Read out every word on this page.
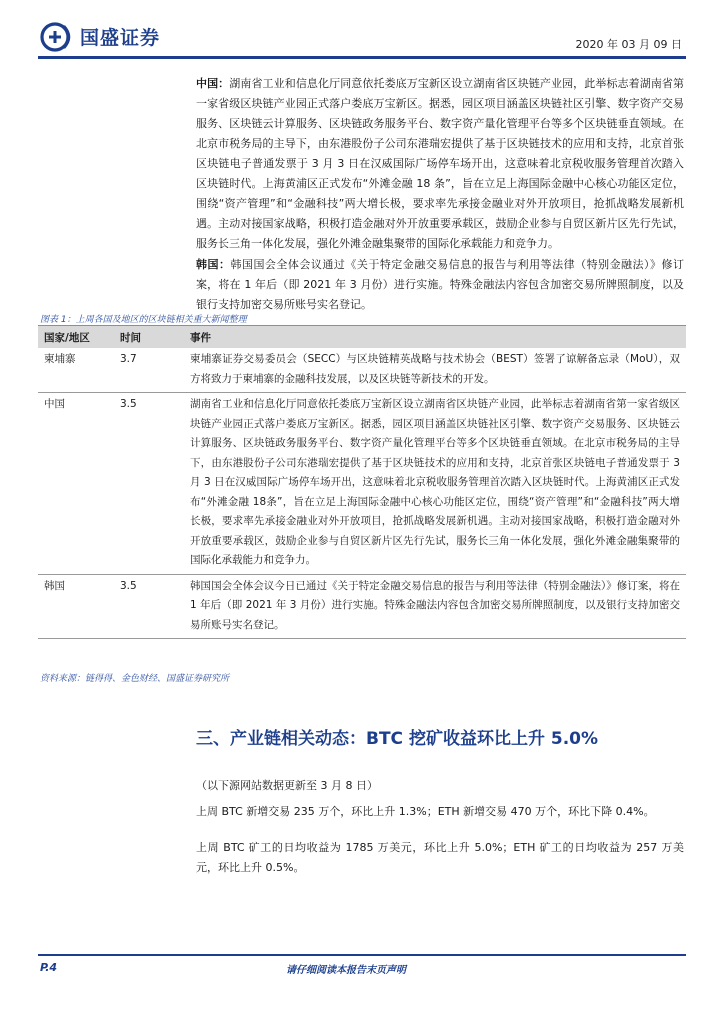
国盛证券	2020 年 03 月 09 日
中国：湖南省工业和信息化厅同意依托娄底万宝新区设立湖南省区块链产业园，此举标志着湖南省第一家省级区块链产业园正式落户娄底万宝新区。据悉，园区项目涵盖区块链社区引擎、数字资产交易服务、区块链云计算服务、区块链政务服务平台、数字资产量化管理平台等多个区块链垂直领域。在北京市税务局的主导下，由东港股份子公司东港瑞宏提供了基于区块链技术的应用和支持，北京首张区块链电子普通发票于 3 月 3 日在汉威国际广场停车场开出，这意味着北京税收服务管理首次踏入区块链时代。上海黄浦区正式发布“外滩金融 18 条”，旨在立足上海国际金融中心核心功能区定位，围绕“资产管理”和“金融科技”两大增长极，要求率先承接金融业对外开放项目，抢抓战略发展新机遇。主动对接国家战略，积极打造金融对外开放重要承载区，鼓励企业参与自贸区新片区先行先试，服务长三角一体化发展，强化外滩金融集聚带的国际化承载能力和竞争力。
韩国：韩国国会全体会议通过《关于特定金融交易信息的报告与利用等法律（特别金融法）》修订案，将在 1 年后（即 2021 年 3 月份）进行实施。特殊金融法内容包含加密交易所牌照制度，以及银行支持加密交易所账号实名登记。
图表 1：上周各国及地区的区块链相关重大新闻整理
国家/地区	时间	事件
柬埔寨	3.7	柬埔寨证券交易委员会（SECC）与区块链精英战略与技术协会（BEST）签署了谅解备忘录（MoU），双方将致力于柬埔寨的金融科技发展，以及区块链等新技术的开发。
中国	3.5	湖南省工业和信息化厅同意依托娄底万宝新区设立湖南省区块链产业园，此举标志着湖南省第一家省级区块链产业园正式落户娄底万宝新区。据悉，园区项目涵盖区块链社区引擎、数字资产交易服务、区块链云计算服务、区块链政务服务平台、数字资产量化管理平台等多个区块链垂直领域。在北京市税务局的主导下，由东港股份子公司东港瑞宏提供了基于区块链技术的应用和支持，北京首张区块链电子普通发票于 3 月 3 日在汉威国际广场停车场开出，这意味着北京税收服务管理首次踏入区块链时代。上海黄浦区正式发布“外滩金融 18条”，旨在立足上海国际金融中心核心功能区定位，围绕“资产管理”和“金融科技”两大增长极，要求率先承接金融业对外开放项目，抢抓战略发展新机遇。主动对接国家战略，积极打造金融对外开放重要承载区，鼓励企业参与自贸区新片区先行先试，服务长三角一体化发展，强化外滩金融集聚带的国际化承载能力和竞争力。
韩国	3.5	韩国国会全体会议今日已通过《关于特定金融交易信息的报告与利用等法律（特别金融法）》修订案，将在 1 年后（即 2021 年 3 月份）进行实施。特殊金融法内容包含加密交易所牌照制度，以及银行支持加密交易所账号实名登记。
资料来源：链得得、金色财经、国盛证券研究所
三、产业链相关动态：BTC 挖矿收益环比上升 5.0%
（以下源网站数据更新至 3 月 8 日）
上周 BTC 新增交易 235 万个，环比上升 1.3%；ETH 新增交易 470 万个，环比下降 0.4%。
上周 BTC 矿工的日均收益为 1785 万美元，环比上升 5.0%；ETH 矿工的日均收益为 257 万美元，环比上升 0.5%。
P.4	请仔细阅读本报告末页声明
